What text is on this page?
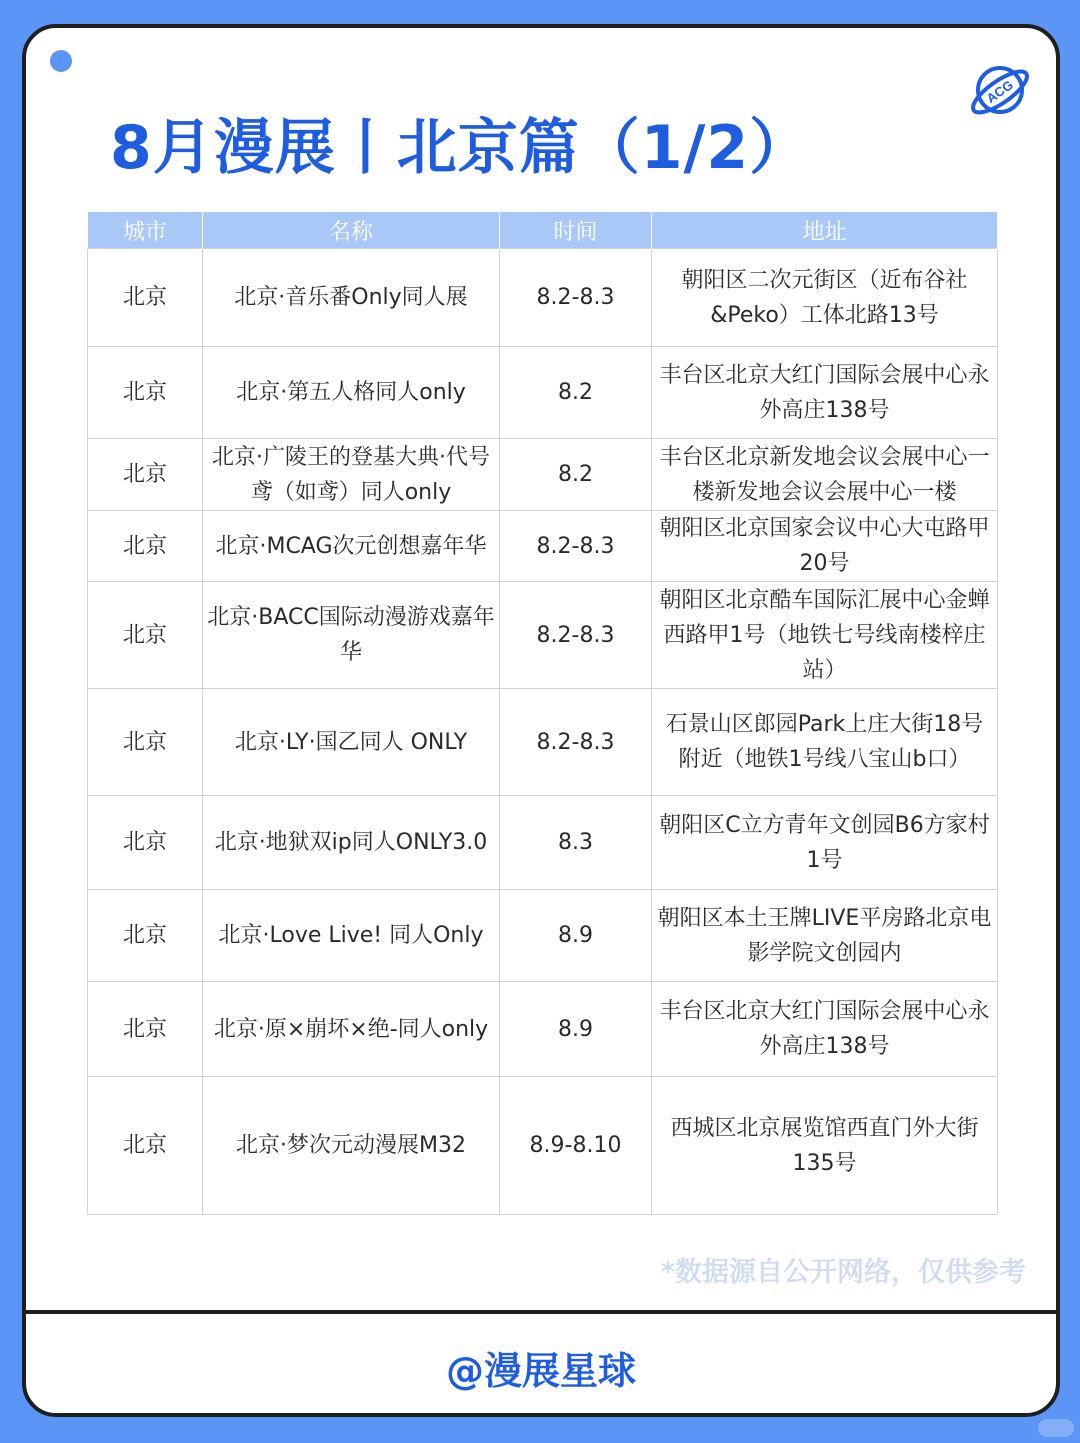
ACG
8月漫展丨北京篇（1/2）
城市	名称	时间	地址
北京	北京·音乐番Only同人展	8.2-8.3	朝阳区二次元街区（近布谷社&Peko）工体北路13号
北京	北京·第五人格同人only	8.2	丰台区北京大红门国际会展中心永外高庄138号
北京	北京·广陵王的登基大典·代号鸢（如鸢）同人only	8.2	丰台区北京新发地会议会展中心一楼新发地会议会展中心一楼
北京	北京·MCAG次元创想嘉年华	8.2-8.3	朝阳区北京国家会议中心大屯路甲20号
北京	北京·BACC国际动漫游戏嘉年华	8.2-8.3	朝阳区北京酷车国际汇展中心金蝉西路甲1号（地铁七号线南楼梓庄站）
北京	北京·LY·国乙同人 ONLY	8.2-8.3	石景山区郎园Park上庄大街18号附近（地铁1号线八宝山b口）
北京	北京·地狱双ip同人ONLY3.0	8.3	朝阳区C立方青年文创园B6方家村1号
北京	北京·Love Live! 同人Only	8.9	朝阳区本土王牌LIVE平房路北京电影学院文创园内
北京	北京·原×崩坏×绝-同人only	8.9	丰台区北京大红门国际会展中心永外高庄138号
北京	北京·梦次元动漫展M32	8.9-8.10	西城区北京展览馆西直门外大街135号
*数据源自公开网络，仅供参考
@漫展星球
